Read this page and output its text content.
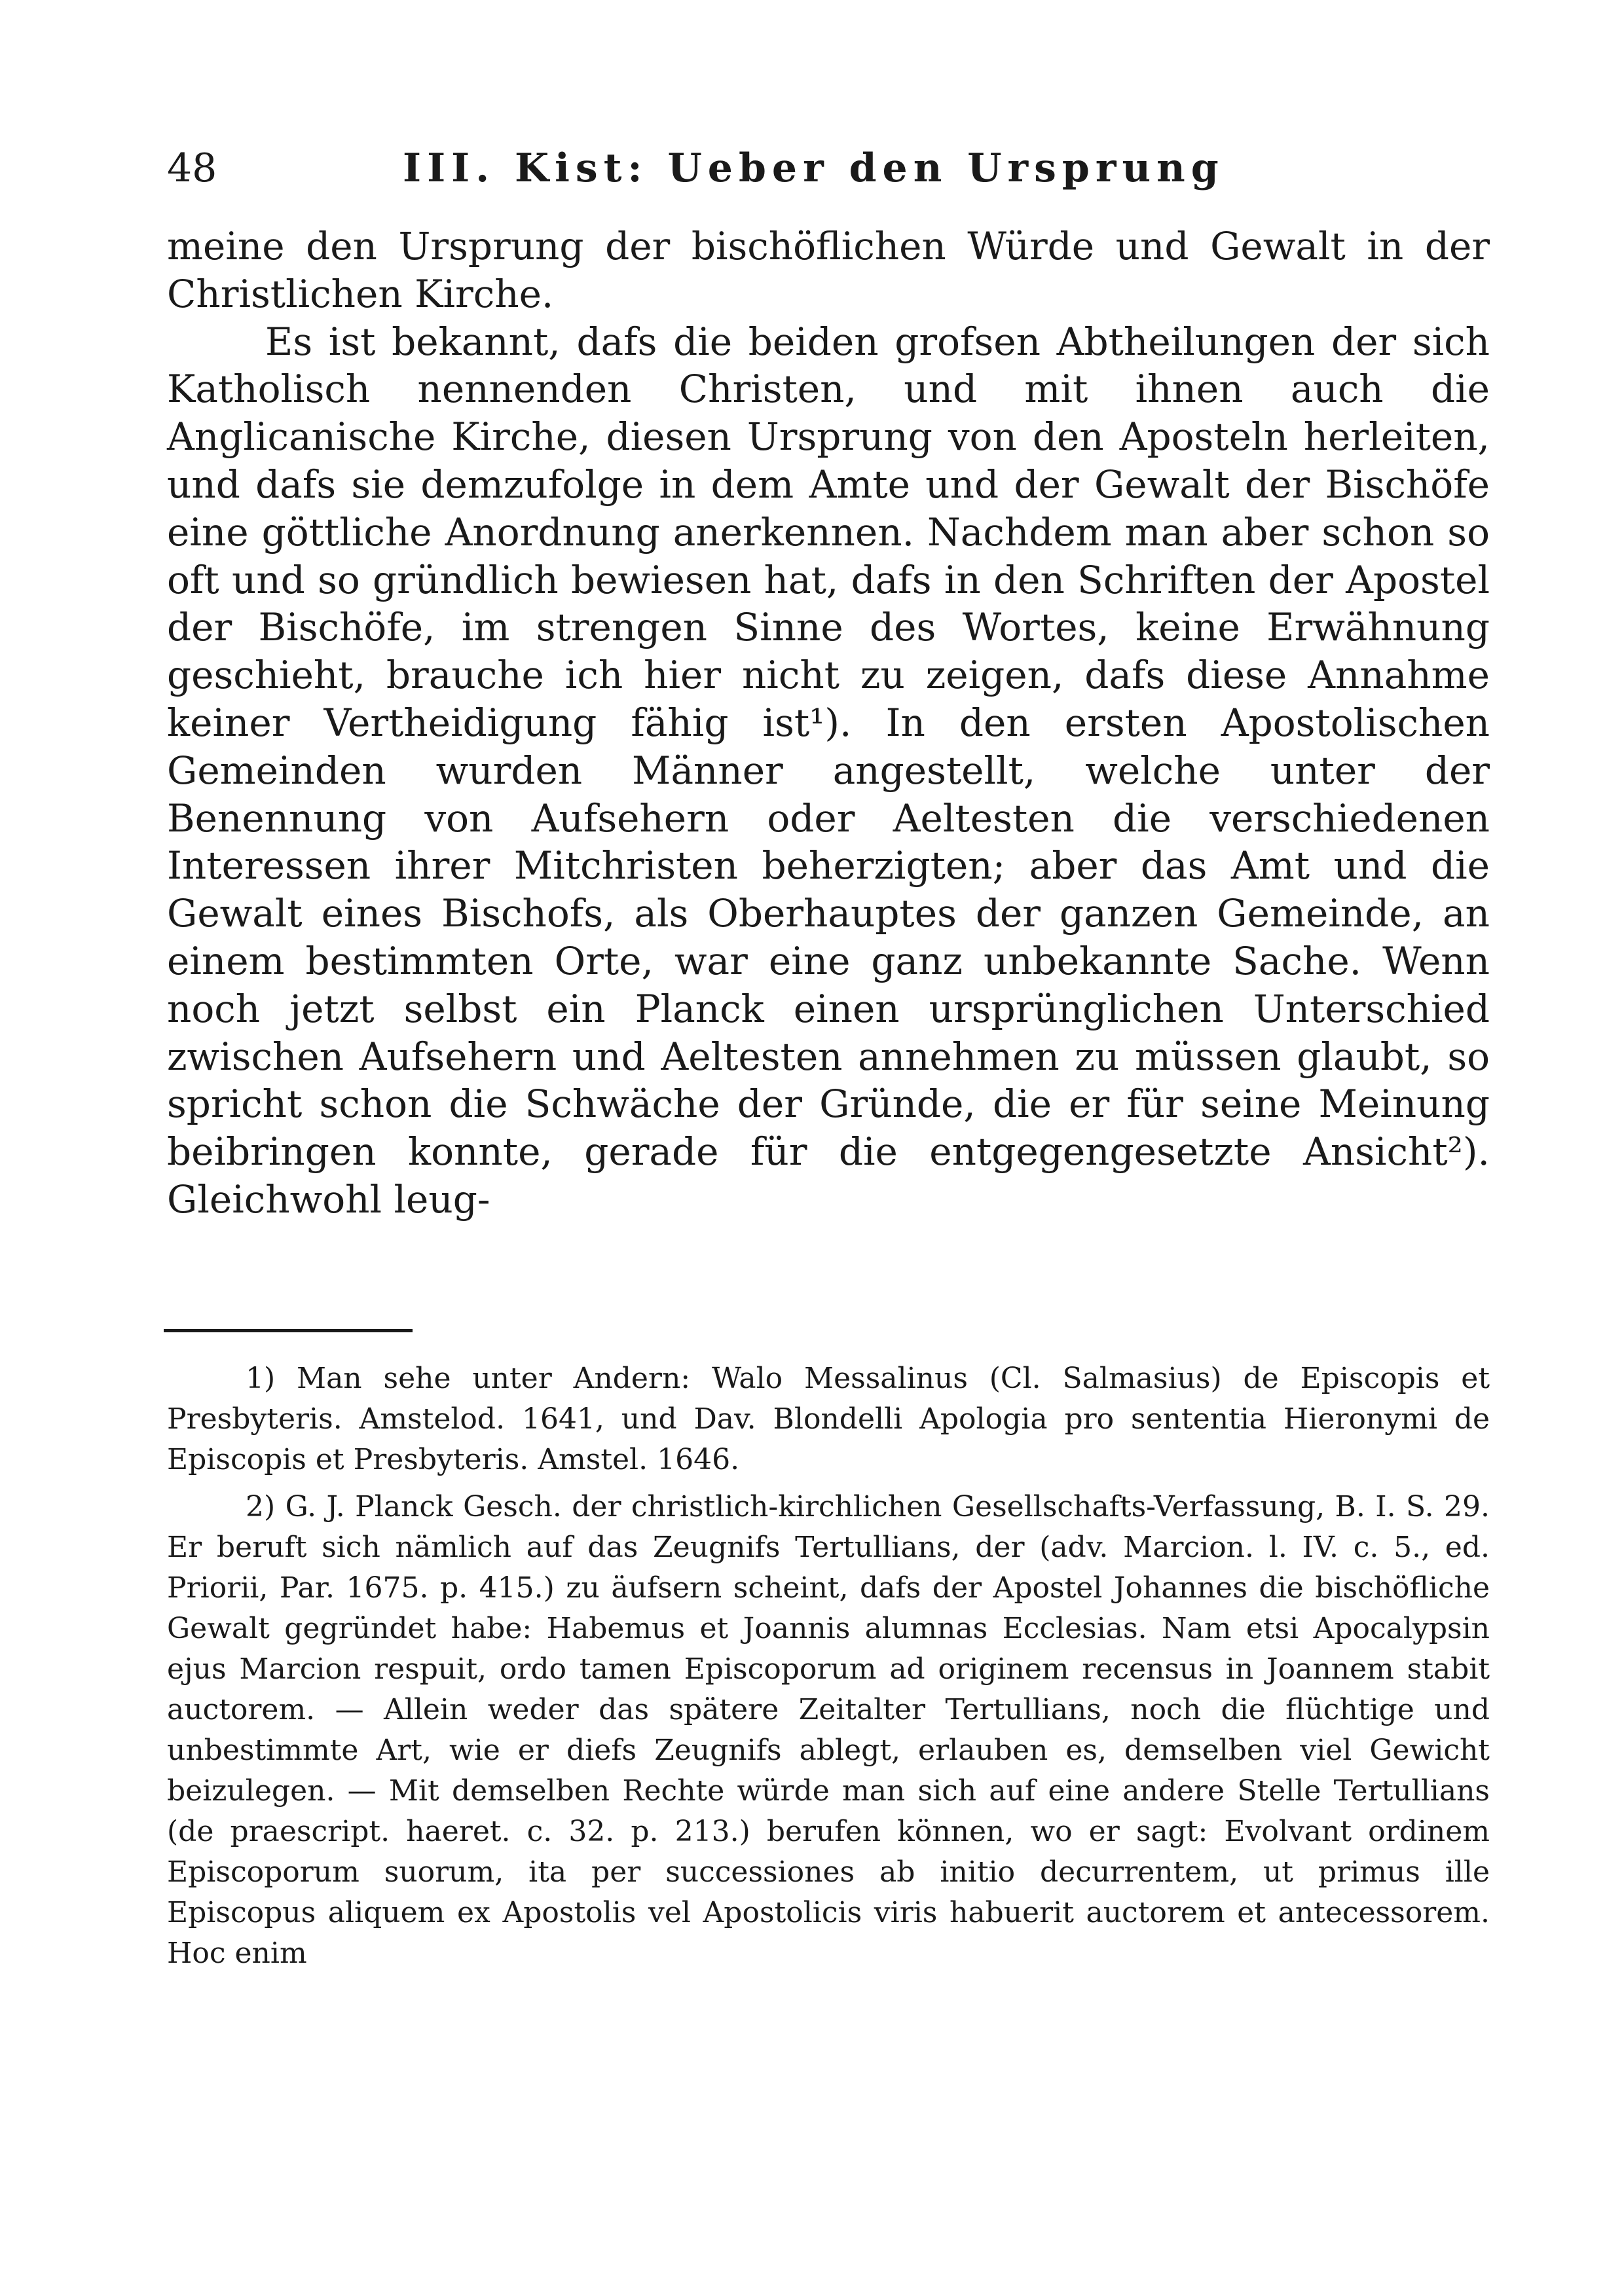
48	III. Kist: Ueber den Ursprung

meine den Ursprung der bischöflichen Würde und Gewalt in der Christlichen Kirche.

Es ist bekannt, dafs die beiden grofsen Abtheilungen der sich Katholisch nennenden Christen, und mit ihnen auch die Anglicanische Kirche, diesen Ursprung von den Aposteln herleiten, und dafs sie demzufolge in dem Amte und der Gewalt der Bischöfe eine göttliche Anordnung anerkennen. Nachdem man aber schon so oft und so gründlich bewiesen hat, dafs in den Schriften der Apostel der Bischöfe, im strengen Sinne des Wortes, keine Erwähnung geschieht, brauche ich hier nicht zu zeigen, dafs diese Annahme keiner Vertheidigung fähig ist¹). In den ersten Apostolischen Gemeinden wurden Männer angestellt, welche unter der Benennung von Aufsehern oder Aeltesten die verschiedenen Interessen ihrer Mitchristen beherzigten; aber das Amt und die Gewalt eines Bischofs, als Oberhauptes der ganzen Gemeinde, an einem bestimmten Orte, war eine ganz unbekannte Sache. Wenn noch jetzt selbst ein Planck einen ursprünglichen Unterschied zwischen Aufsehern und Aeltesten annehmen zu müssen glaubt, so spricht schon die Schwäche der Gründe, die er für seine Meinung beibringen konnte, gerade für die entgegengesetzte Ansicht²). Gleichwohl leug-

1) Man sehe unter Andern: Walo Messalinus (Cl. Salmasius) de Episcopis et Presbyteris. Amstelod. 1641, und Dav. Blondelli Apologia pro sententia Hieronymi de Episcopis et Presbyteris. Amstel. 1646.

2) G. J. Planck Gesch. der christlich-kirchlichen Gesellschafts-Verfassung, B. I. S. 29. Er beruft sich nämlich auf das Zeugnifs Tertullians, der (adv. Marcion. l. IV. c. 5., ed. Priorii, Par. 1675. p. 415.) zu äufsern scheint, dafs der Apostel Johannes die bischöfliche Gewalt gegründet habe: Habemus et Joannis alumnas Ecclesias. Nam etsi Apocalypsin ejus Marcion respuit, ordo tamen Episcoporum ad originem recensus in Joannem stabit auctorem. — Allein weder das spätere Zeitalter Tertullians, noch die flüchtige und unbestimmte Art, wie er diefs Zeugnifs ablegt, erlauben es, demselben viel Gewicht beizulegen. — Mit demselben Rechte würde man sich auf eine andere Stelle Tertullians (de praescript. haeret. c. 32. p. 213.) berufen können, wo er sagt: Evolvant ordinem Episcoporum suorum, ita per successiones ab initio decurrentem, ut primus ille Episcopus aliquem ex Apostolis vel Apostolicis viris habuerit auctorem et antecessorem. Hoc enim
